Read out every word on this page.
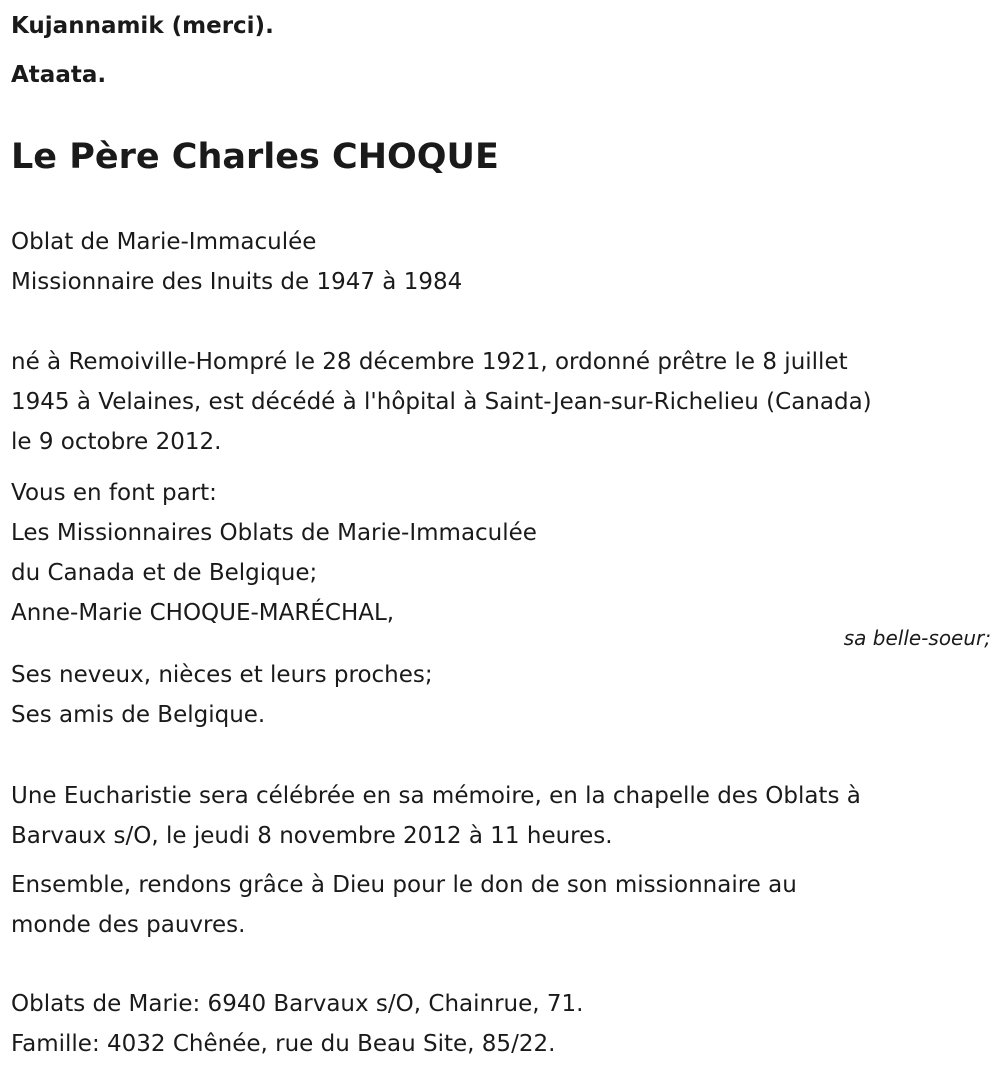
Kujannamik (merci).
Ataata.
Le Père Charles CHOQUE
Oblat de Marie-Immaculée
Missionnaire des Inuits de 1947 à 1984
né à Remoiville-Hompré le 28 décembre 1921, ordonné prêtre le 8 juillet
1945 à Velaines, est décédé à l'hôpital à Saint-Jean-sur-Richelieu (Canada)
le 9 octobre 2012.
Vous en font part:
Les Missionnaires Oblats de Marie-Immaculée
du Canada et de Belgique;
Anne-Marie CHOQUE-MARÉCHAL,
sa belle-soeur;
Ses neveux, nièces et leurs proches;
Ses amis de Belgique.
Une Eucharistie sera célébrée en sa mémoire, en la chapelle des Oblats à
Barvaux s/O, le jeudi 8 novembre 2012 à 11 heures.
Ensemble, rendons grâce à Dieu pour le don de son missionnaire au
monde des pauvres.
Oblats de Marie: 6940 Barvaux s/O, Chainrue, 71.
Famille: 4032 Chênée, rue du Beau Site, 85/22.
